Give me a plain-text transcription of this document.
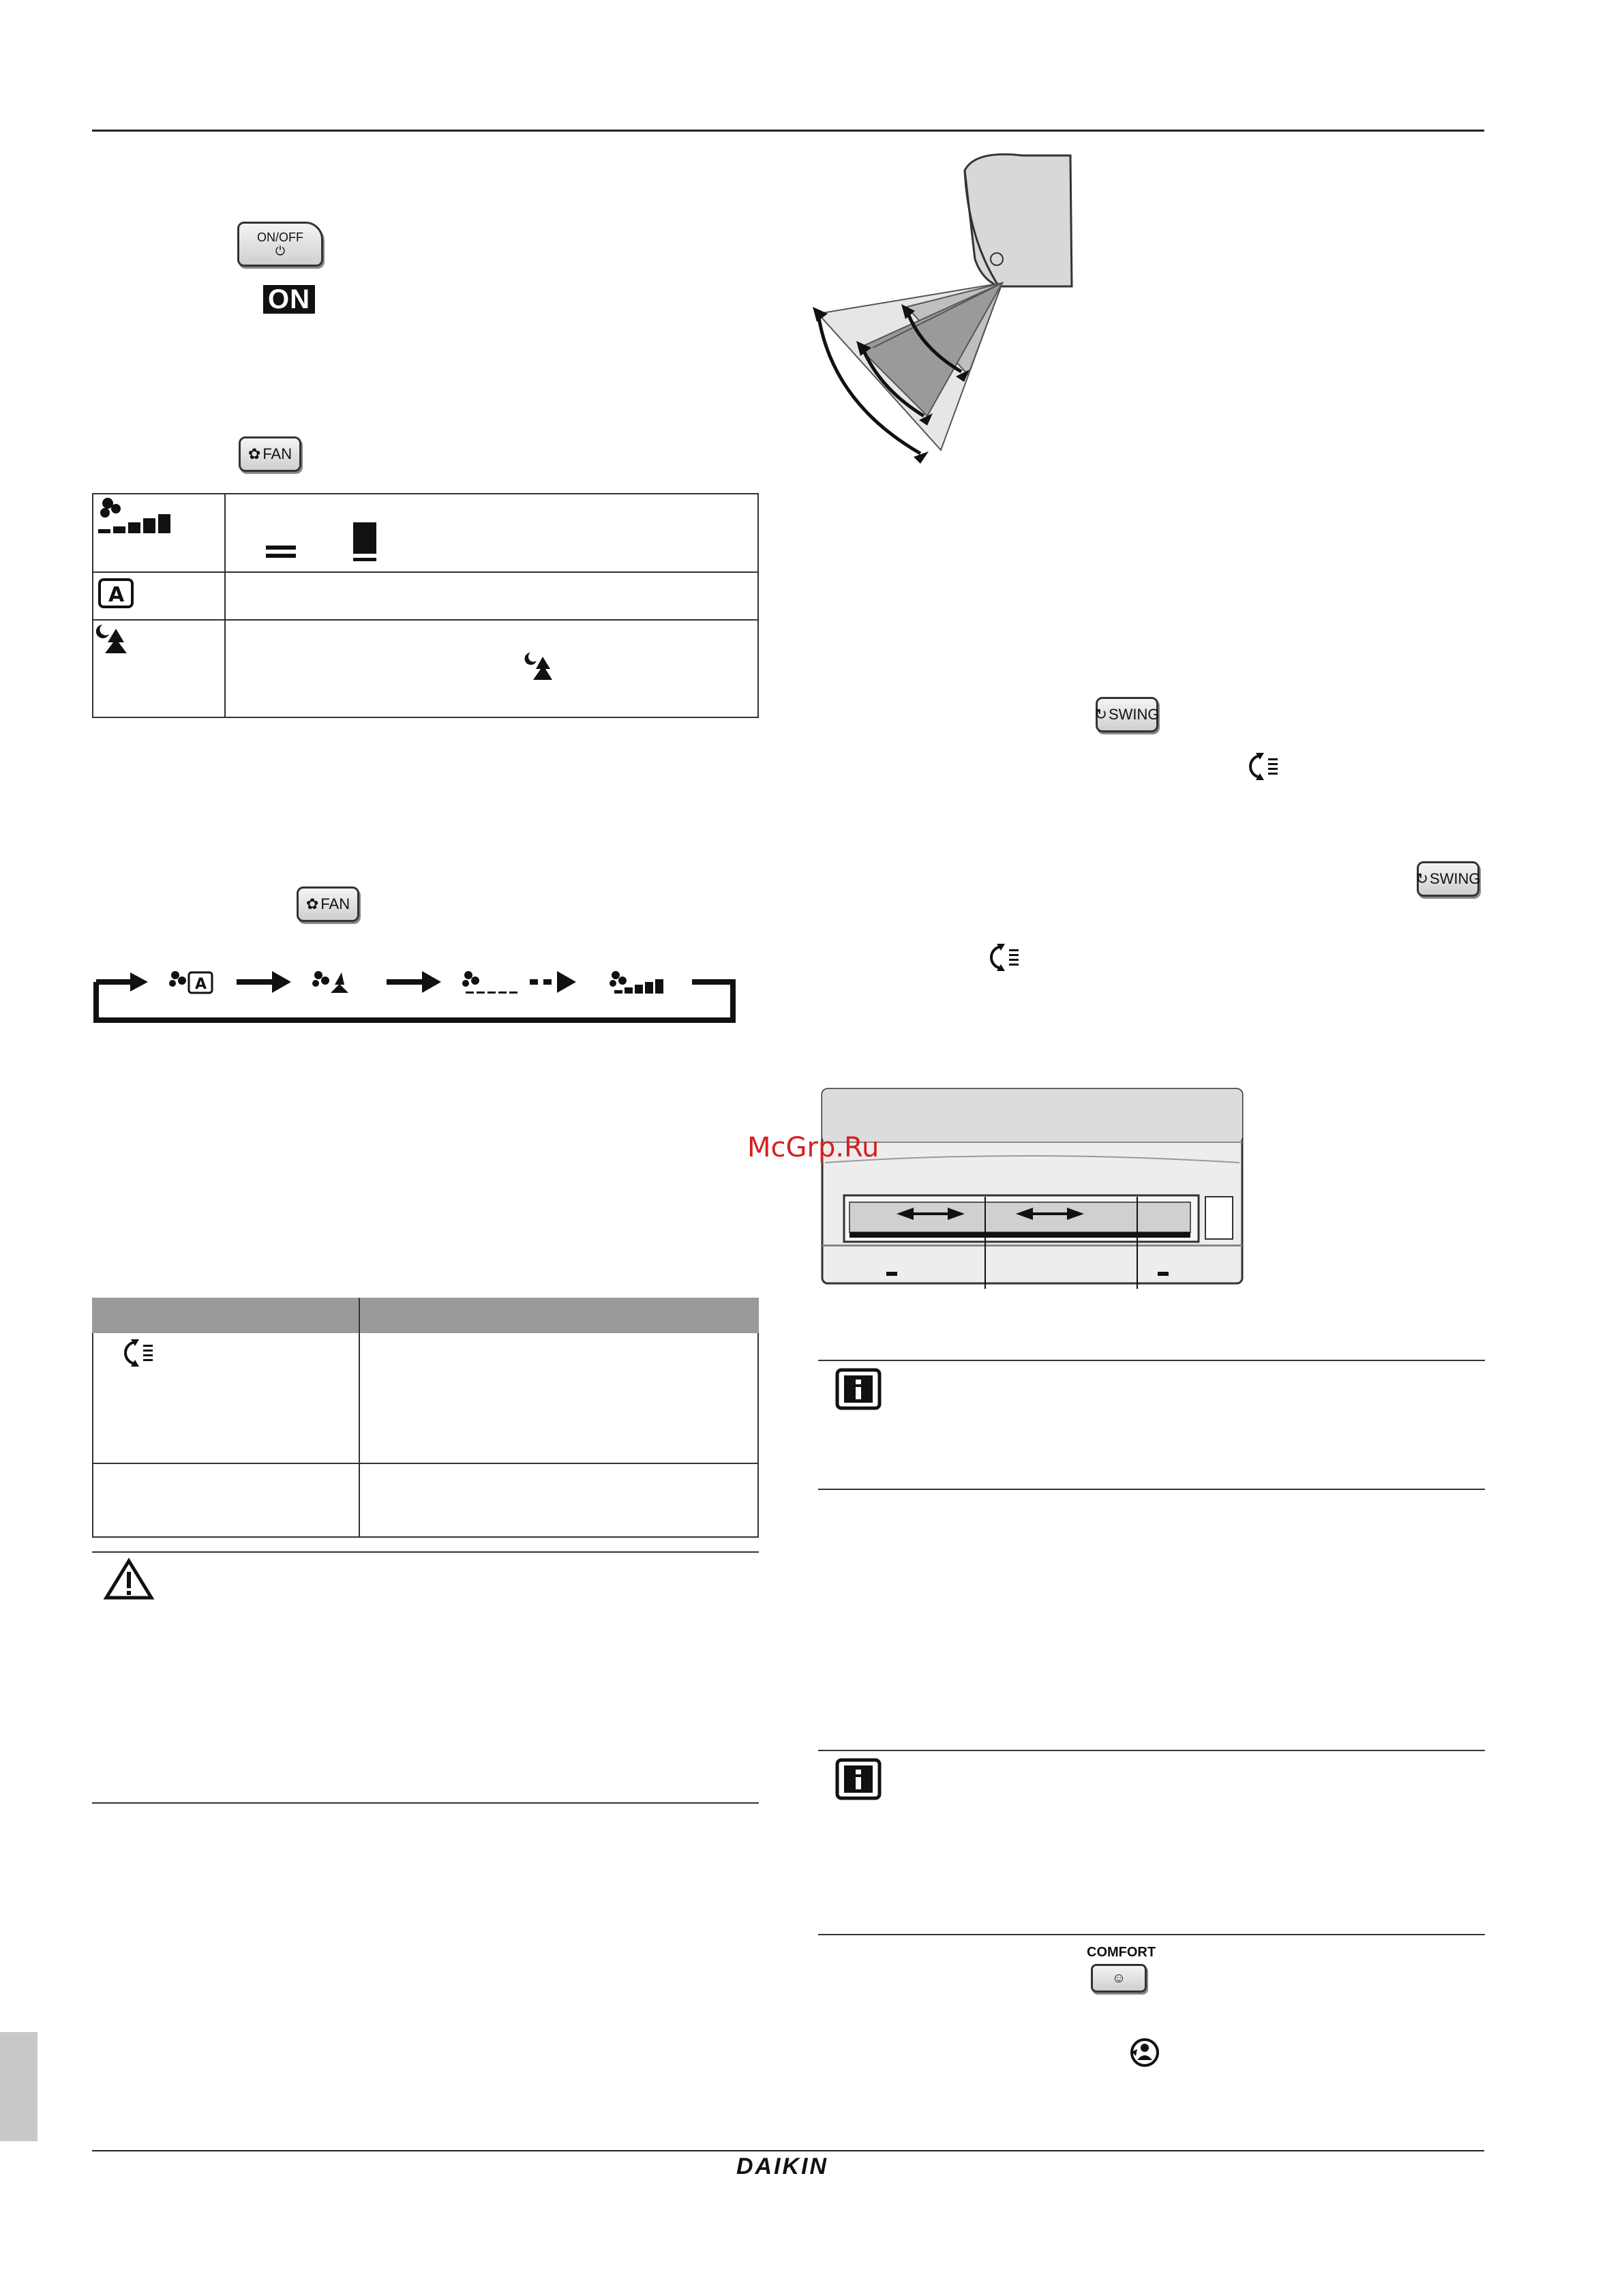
ON/OFF
⏻
ON
✿ FAN
A
✿ FAN
A
↻ SWING
↻ SWING
McGrp.Ru
COMFORT
☺
DAIKIN
